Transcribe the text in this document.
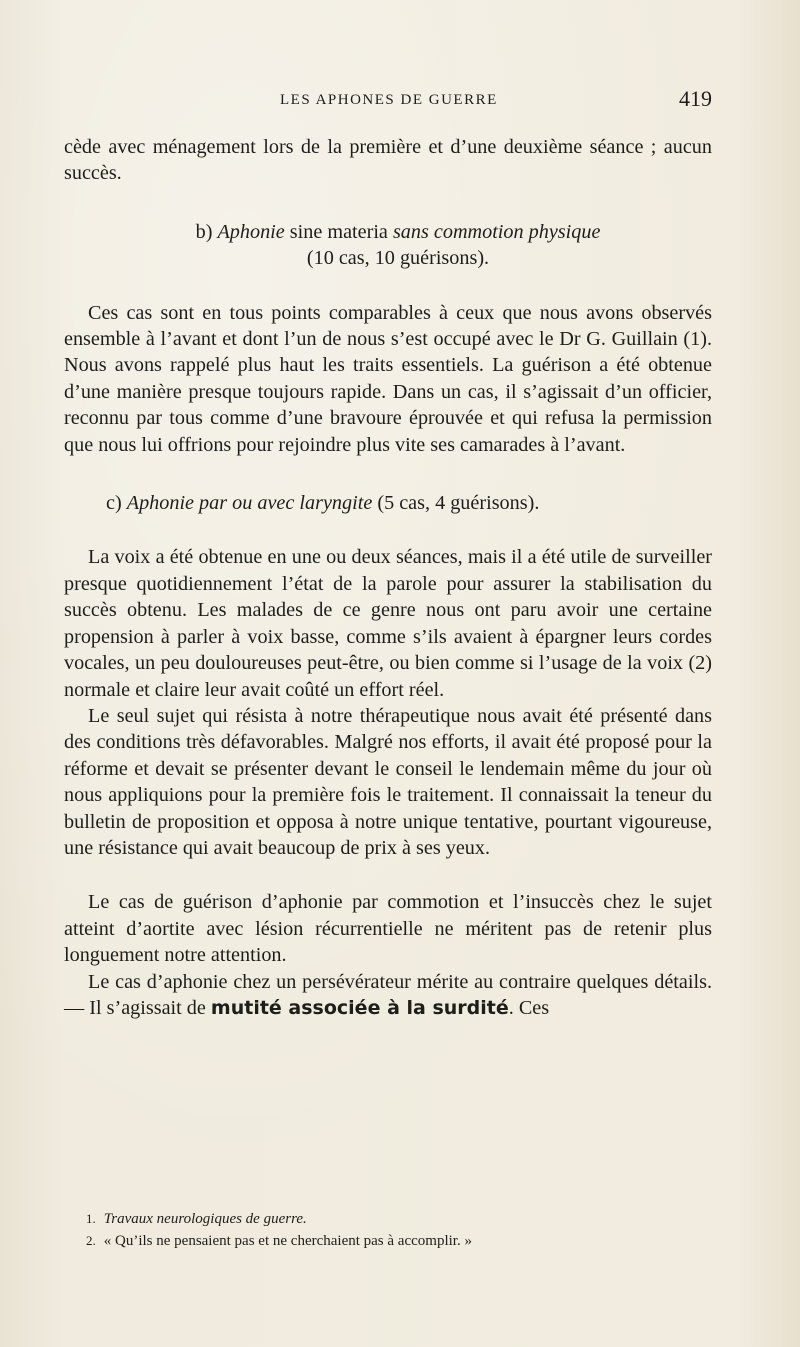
LES APHONES DE GUERRE	419

cède avec ménagement lors de la première et d’une deuxième séance ; aucun succès.

b) Aphonie sine materia sans commotion physique
(10 cas, 10 guérisons).

Ces cas sont en tous points comparables à ceux que nous avons observés ensemble à l’avant et dont l’un de nous s’est occupé avec le Dr G. Guillain (1). Nous avons rappelé plus haut les traits essentiels. La guérison a été obtenue d’une manière presque toujours rapide. Dans un cas, il s’agissait d’un officier, reconnu par tous comme d’une bravoure éprouvée et qui refusa la permission que nous lui offrions pour rejoindre plus vite ses camarades à l’avant.

c) Aphonie par ou avec laryngite (5 cas, 4 guérisons).

La voix a été obtenue en une ou deux séances, mais il a été utile de surveiller presque quotidiennement l’état de la parole pour assurer la stabilisation du succès obtenu. Les malades de ce genre nous ont paru avoir une certaine propension à parler à voix basse, comme s’ils avaient à épargner leurs cordes vocales, un peu douloureuses peut-être, ou bien comme si l’usage de la voix (2) normale et claire leur avait coûté un effort réel.

Le seul sujet qui résista à notre thérapeutique nous avait été présenté dans des conditions très défavorables. Malgré nos efforts, il avait été proposé pour la réforme et devait se présenter devant le conseil le lendemain même du jour où nous appliquions pour la première fois le traitement. Il connaissait la teneur du bulletin de proposition et opposa à notre unique tentative, pourtant vigoureuse, une résistance qui avait beaucoup de prix à ses yeux.

Le cas de guérison d’aphonie par commotion et l’insuccès chez le sujet atteint d’aortite avec lésion récurrentielle ne méritent pas de retenir plus longuement notre attention.

Le cas d’aphonie chez un persévérateur mérite au contraire quelques détails. — Il s’agissait de mutité associée à la surdité. Ces

1. Travaux neurologiques de guerre.

2. « Qu’ils ne pensaient pas et ne cherchaient pas à accomplir. »
